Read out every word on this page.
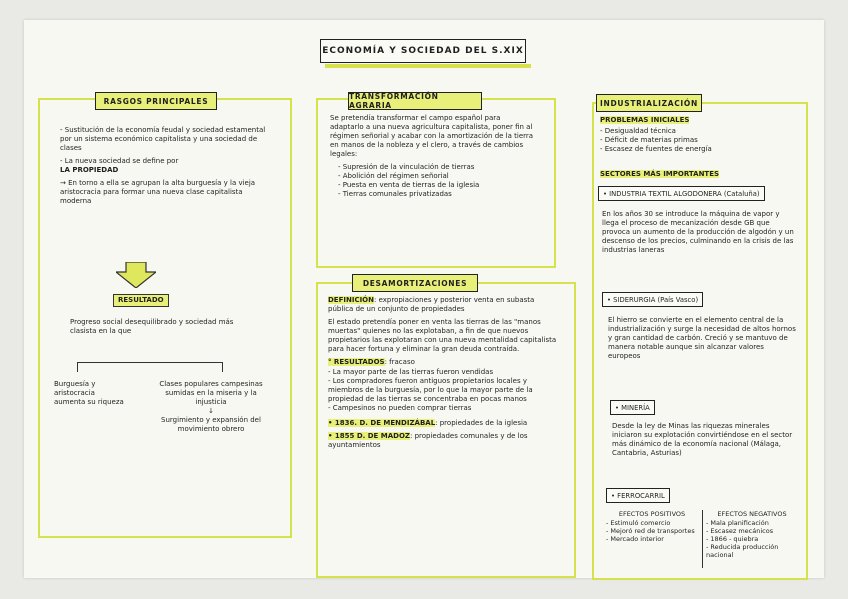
ECONOMÍA Y SOCIEDAD DEL S.XIX
RASGOS PRINCIPALES

- Sustitución de la economía feudal y sociedad estamental por un sistema económico capitalista y una sociedad de clases

- La nueva sociedad se define por

LA PROPIEDAD

→ En torno a ella se agrupan la alta burguesía y la vieja aristocracia para formar una nueva clase capitalista moderna

RESULTADO
Progreso social desequilibrado y sociedad más clasista en la que
Burguesía y aristocracia aumenta su riqueza
Clases populares campesinas sumidas en la miseria y la injusticia
↓
Surgimiento y expansión del movimiento obrero
TRANSFORMACIÓN AGRARIA

Se pretendía transformar el campo español para adaptarlo a una nueva agricultura capitalista, poner fin al régimen señorial y acabar con la amortización de la tierra en manos de la nobleza y el clero, a través de cambios legales:

- Supresión de la vinculación de tierras
- Abolición del régimen señorial
- Puesta en venta de tierras de la iglesia
- Tierras comunales privatizadas
DESAMORTIZACIONES

DEFINICIÓN: expropiaciones y posterior venta en subasta pública de un conjunto de propiedades

El estado pretendía poner en venta las tierras de las "manos muertas" quienes no las explotaban, a fin de que nuevos propietarios las explotaran con una nueva mentalidad capitalista para hacer fortuna y eliminar la gran deuda contraída.

° RESULTADOS: fracaso

- La mayor parte de las tierras fueron vendidas
- Los compradores fueron antiguos propietarios locales y miembros de la burguesía, por lo que la mayor parte de la propiedad de las tierras se concentraba en pocas manos
- Campesinos no pueden comprar tierras

• 1836. D. DE MENDIZÁBAL: propiedades de la iglesia

• 1855 D. DE MADOZ: propiedades comunales y de los ayuntamientos

INDUSTRIALIZACIÓN
PROBLEMAS INICIALES
- Desigualdad técnica
- Déficit de materias primas
- Escasez de fuentes de energía
SECTORES MÁS IMPORTANTES
• INDUSTRIA TEXTIL ALGODONERA (Cataluña)
En los años 30 se introduce la máquina de vapor y llega el proceso de mecanización desde GB que provoca un aumento de la producción de algodón y un descenso de los precios, culminando en la crisis de las industrias laneras
• SIDERURGIA (País Vasco)
El hierro se convierte en el elemento central de la industrialización y surge la necesidad de altos hornos y gran cantidad de carbón. Creció y se mantuvo de manera notable aunque sin alcanzar valores europeos
• MINERÍA
Desde la ley de Minas las riquezas minerales iniciaron su explotación convirtiéndose en el sector más dinámico de la economía nacional (Málaga, Cantabria, Asturias)
• FERROCARRIL
EFECTOS POSITIVOS
- Estimuló comercio
- Mejoró red de transportes
- Mercado interior
EFECTOS NEGATIVOS
- Mala planificación
- Escasez mecánicos
- 1866 - quiebra
- Reducida producción nacional
